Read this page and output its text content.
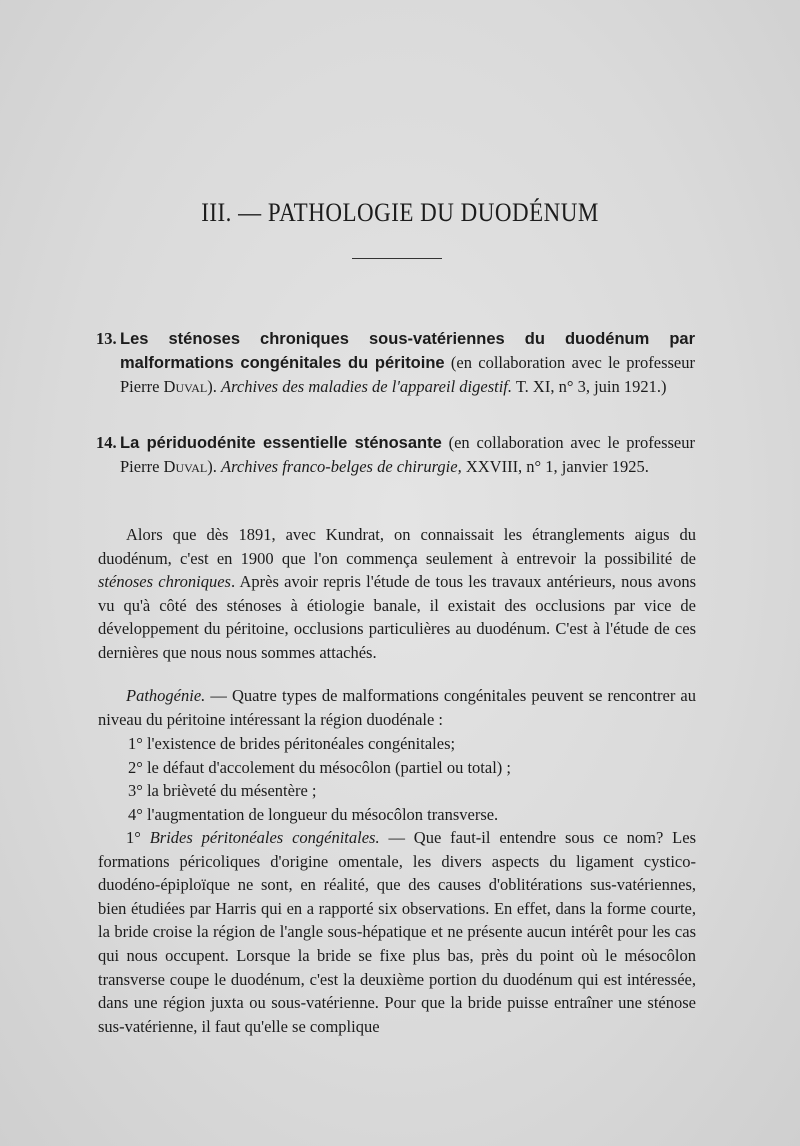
III. — PATHOLOGIE DU DUODÉNUM
13. Les sténoses chroniques sous-vatériennes du duodénum par malformations congénitales du péritoine (en collaboration avec le professeur Pierre Duval). Archives des maladies de l'appareil digestif. T. XI, n° 3, juin 1921.)
14. La périduodénite essentielle sténosante (en collaboration avec le professeur Pierre Duval). Archives franco-belges de chirurgie, XXVIII, n° 1, janvier 1925.

Alors que dès 1891, avec Kundrat, on connaissait les étranglements aigus du duodénum, c'est en 1900 que l'on commença seulement à entrevoir la possibilité de sténoses chroniques. Après avoir repris l'étude de tous les travaux antérieurs, nous avons vu qu'à côté des sténoses à étiologie banale, il existait des occlusions par vice de développement du péritoine, occlusions particulières au duodénum. C'est à l'étude de ces dernières que nous nous sommes attachés.

Pathogénie. — Quatre types de malformations congénitales peuvent se rencontrer au niveau du péritoine intéressant la région duodénale :

1° l'existence de brides péritonéales congénitales;
2° le défaut d'accolement du mésocôlon (partiel ou total) ;
3° la brièveté du mésentère ;
4° l'augmentation de longueur du mésocôlon transverse.

1° Brides péritonéales congénitales. — Que faut-il entendre sous ce nom? Les formations péricoliques d'origine omentale, les divers aspects du ligament cystico-duodéno-épiploïque ne sont, en réalité, que des causes d'oblitérations sus-vatériennes, bien étudiées par Harris qui en a rapporté six observations. En effet, dans la forme courte, la bride croise la région de l'angle sous-hépatique et ne présente aucun intérêt pour les cas qui nous occupent. Lorsque la bride se fixe plus bas, près du point où le mésocôlon transverse coupe le duodénum, c'est la deuxième portion du duodénum qui est intéressée, dans une région juxta ou sous-vatérienne. Pour que la bride puisse entraîner une sténose sus-vatérienne, il faut qu'elle se complique
